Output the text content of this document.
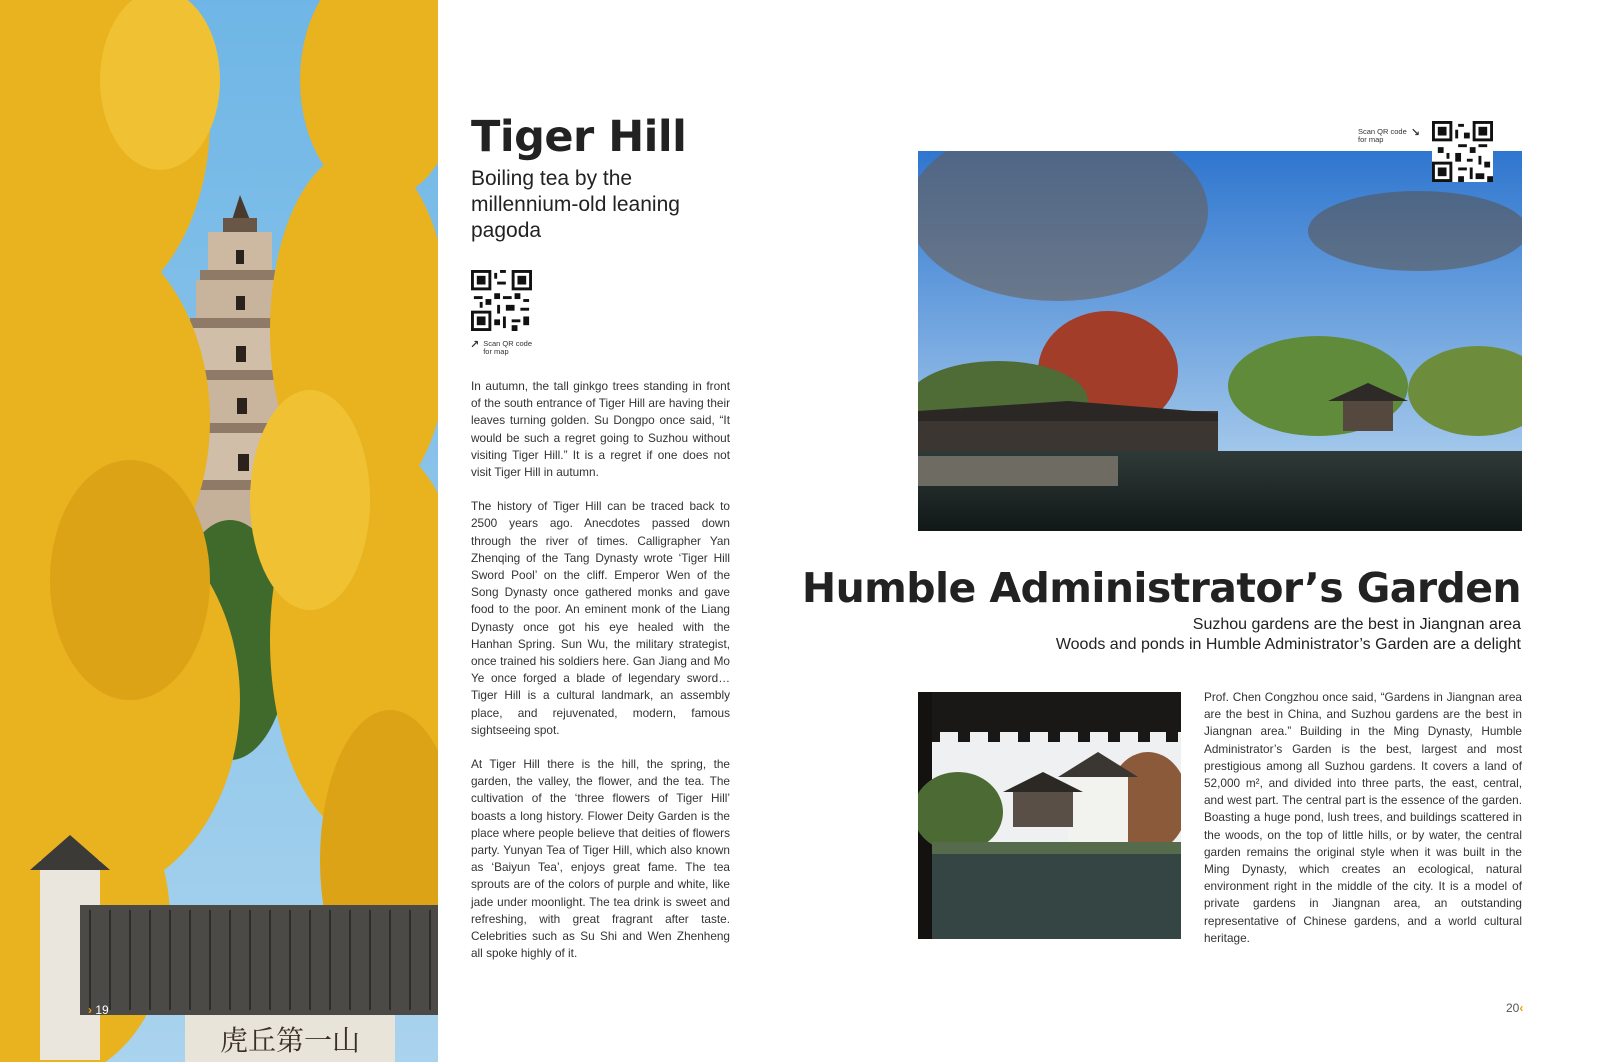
虎丘第一山
› 19
Tiger Hill
Boiling tea by the millennium-old leaning pagoda
↗ Scan QR code
for map

In autumn, the tall ginkgo trees standing in front of the south entrance of Tiger Hill are having their leaves turning golden. Su Dongpo once said, “It would be such a regret going to Suzhou without visiting Tiger Hill.” It is a regret if one does not visit Tiger Hill in autumn.

The history of Tiger Hill can be traced back to 2500 years ago. Anecdotes passed down through the river of times. Calligrapher Yan Zhenqing of the Tang Dynasty wrote ‘Tiger Hill Sword Pool’ on the cliff. Emperor Wen of the Song Dynasty once gathered monks and gave food to the poor. An eminent monk of the Liang Dynasty once got his eye healed with the Hanhan Spring. Sun Wu, the military strategist, once trained his soldiers here. Gan Jiang and Mo Ye once forged a blade of legendary sword… Tiger Hill is a cultural landmark, an assembly place, and rejuvenated, modern, famous sightseeing spot.

At Tiger Hill there is the hill, the spring, the garden, the valley, the flower, and the tea. The cultivation of the ‘three flowers of Tiger Hill’ boasts a long history. Flower Deity Garden is the place where people believe that deities of flowers party. Yunyan Tea of Tiger Hill, which also known as ‘Baiyun Tea’, enjoys great fame. The tea sprouts are of the colors of purple and white, like jade under moonlight. The tea drink is sweet and refreshing, with great fragrant after taste. Celebrities such as Su Shi and Wen Zhenheng all spoke highly of it.

Scan QR code
for map
↘
Humble Administrator’s Garden
Suzhou gardens are the best in Jiangnan area
Woods and ponds in Humble Administrator’s Garden are a delight

Prof. Chen Congzhou once said, “Gardens in Jiangnan area are the best in China, and Suzhou gardens are the best in Jiangnan area.” Building in the Ming Dynasty, Humble Administrator’s Garden is the best, largest and most prestigious among all Suzhou gardens. It covers a land of 52,000 m², and divided into three parts, the east, central, and west part. The central part is the essence of the garden. Boasting a huge pond, lush trees, and buildings scattered in the woods, on the top of little hills, or by water, the central garden remains the original style when it was built in the Ming Dynasty, which creates an ecological, natural environment right in the middle of the city. It is a model of private gardens in Jiangnan area, an outstanding representative of Chinese gardens, and a world cultural heritage.

20‹
